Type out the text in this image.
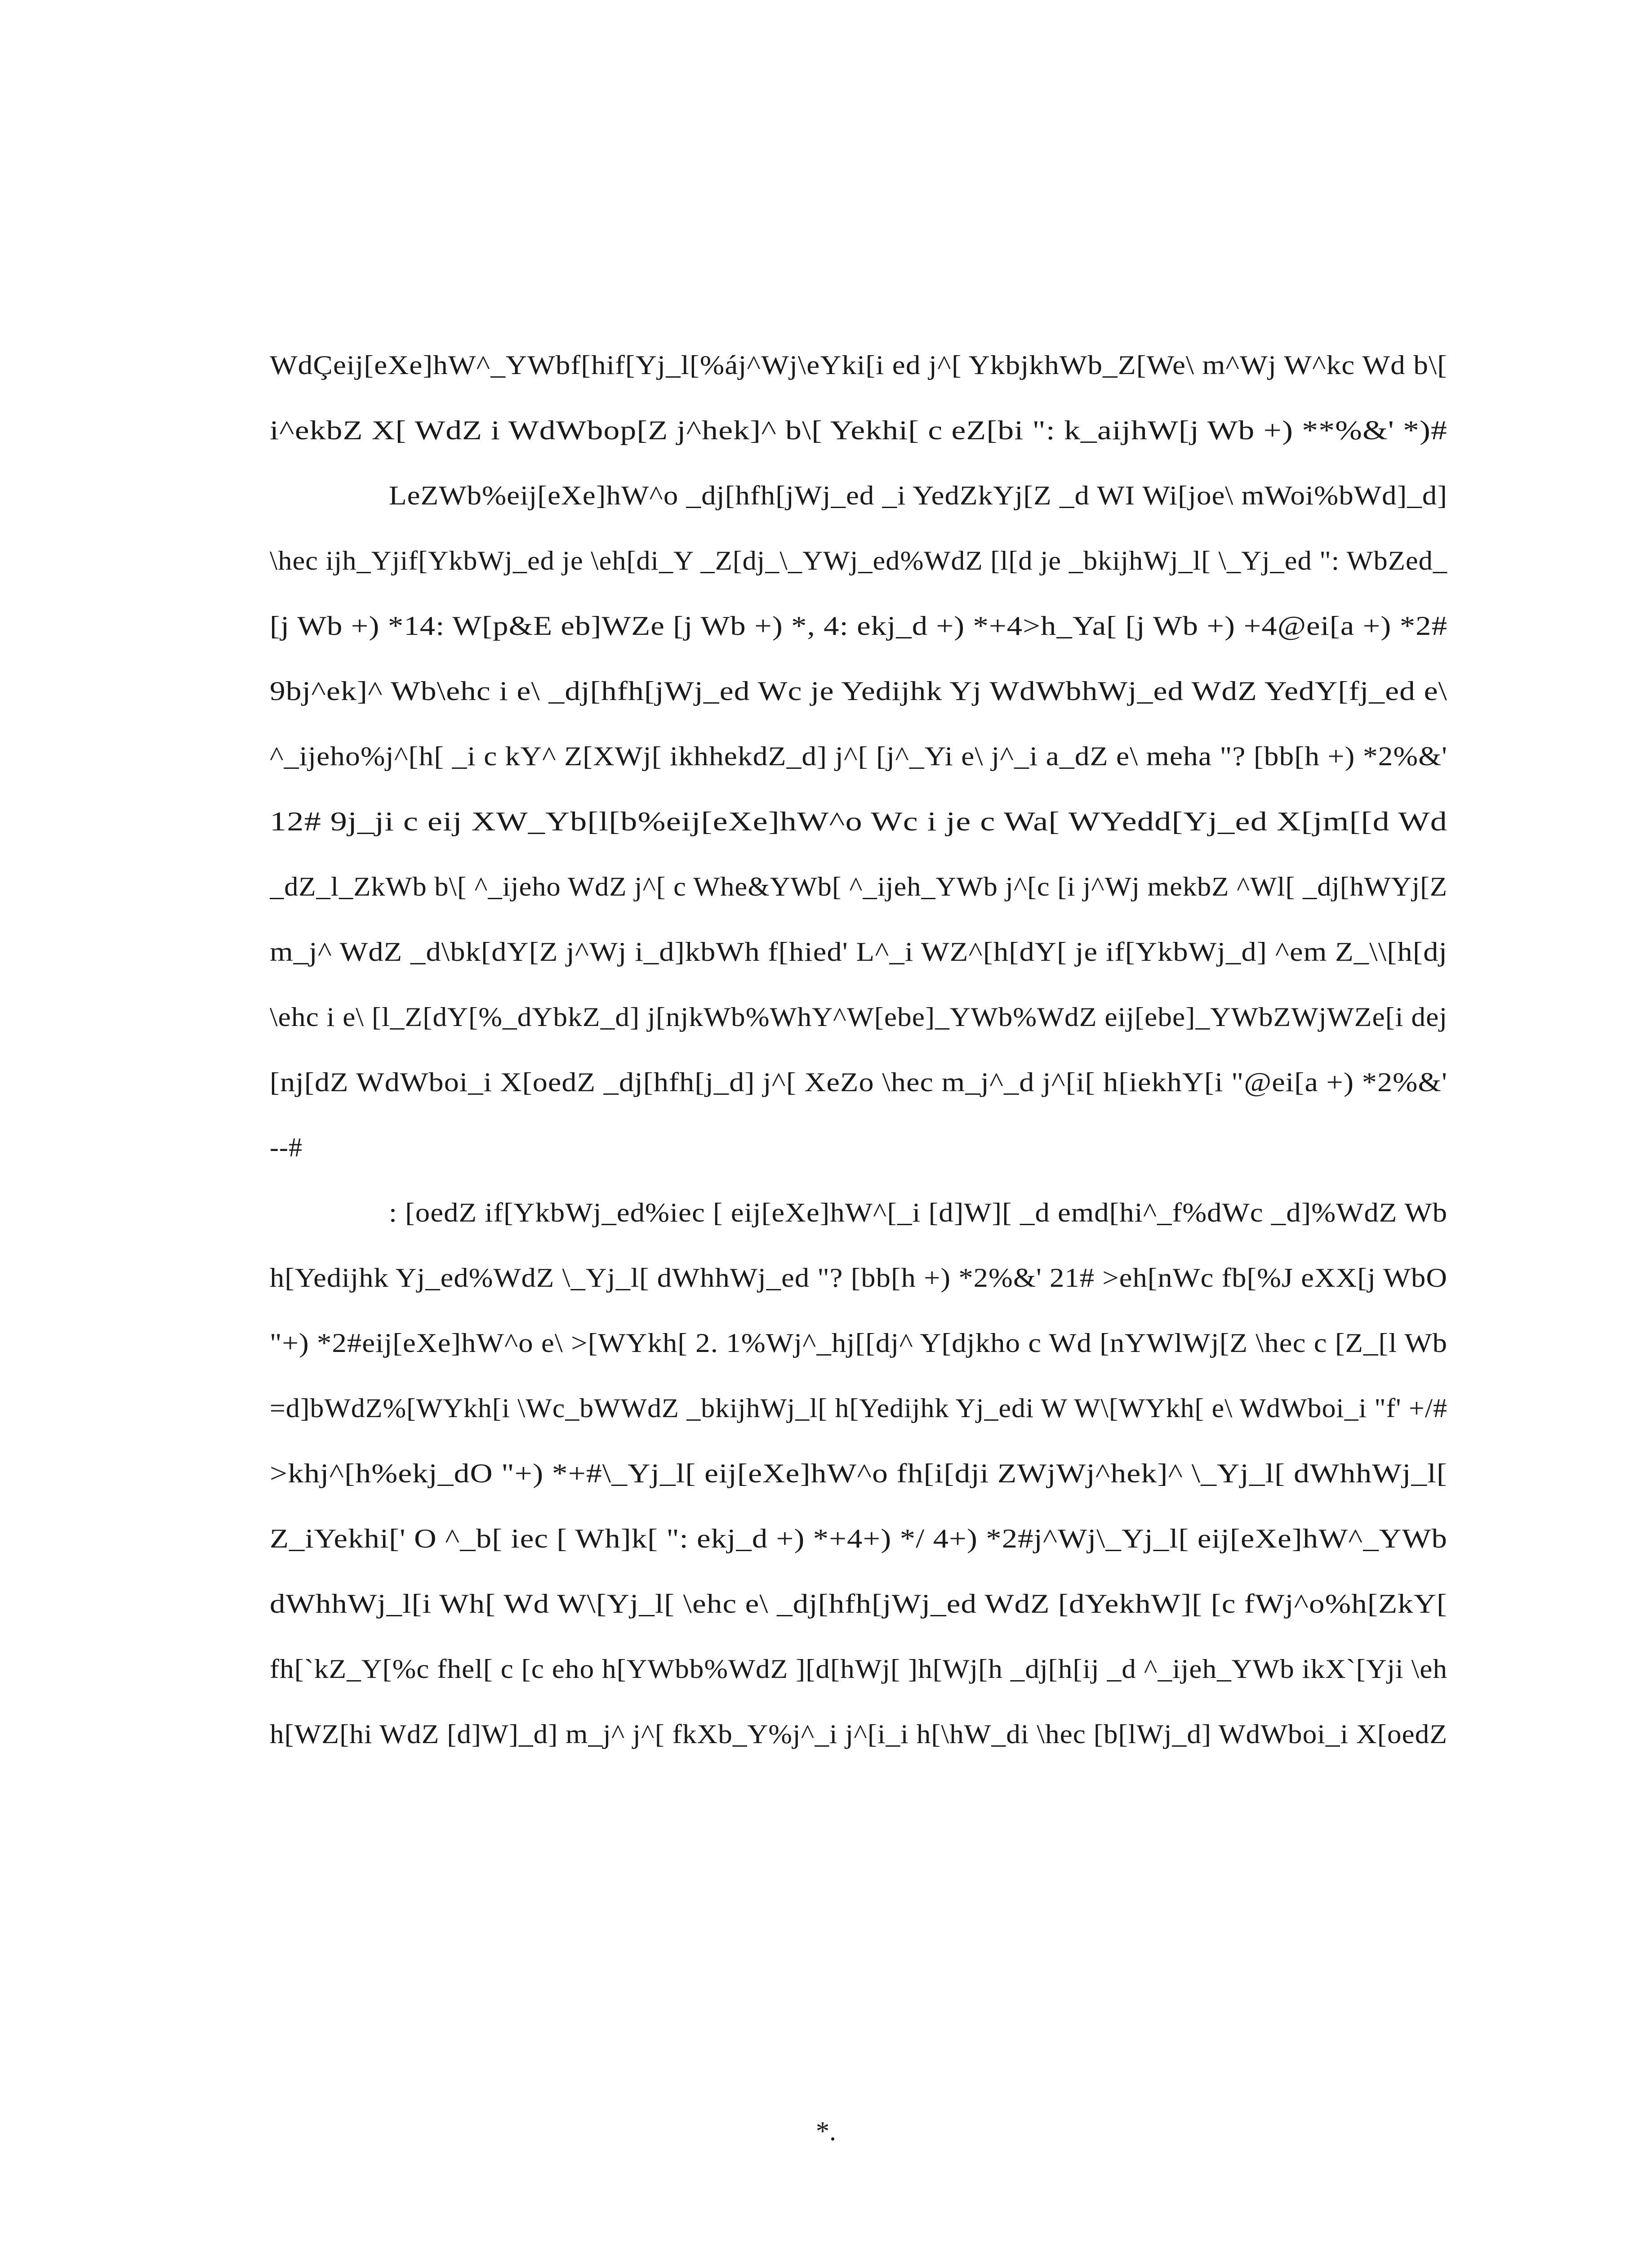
WdÇeij[eXe]hW^_YWbf[hif[Yj_l[%áj^Wj\eYki[i ed j^[ YkbjkhWb_Z[We\ m^Wj W^kc Wd b\[
i^ekbZ X[ WdZ i WdWbop[Z j^hek]^ b\[ Yekhi[ c eZ[bi ": k_aijhW[j Wb +) **%&' *)#
LeZWb%eij[eXe]hW^o _dj[hfh[jWj_ed _i YedZkYj[Z _d WI Wi[joe\ mWoi%bWd]_d]
\hec ijh_Yjif[YkbWj_ed je \eh[di_Y _Z[dj_\_YWj_ed%WdZ [l[d je _bkijhWj_l[ \_Yj_ed ": WbZed_
[j Wb +) *14: W[p&E eb]WZe [j Wb +) *, 4: ekj_d +) *+4>h_Ya[ [j Wb +) +4@ei[a +) *2#
9bj^ek]^ Wb\ehc i e\ _dj[hfh[jWj_ed Wc je Yedijhk Yj WdWbhWj_ed WdZ YedY[fj_ed e\
^_ijeho%j^[h[ _i c kY^ Z[XWj[ ikhhekdZ_d] j^[ [j^_Yi e\ j^_i a_dZ e\ meha "? [bb[h +) *2%&'
12# 9j_ji c eij XW_Yb[l[b%eij[eXe]hW^o Wc i je c Wa[ WYedd[Yj_ed X[jm[[d Wd
_dZ_l_ZkWb b\[ ^_ijeho WdZ j^[ c Whe&YWb[ ^_ijeh_YWb j^[c [i j^Wj mekbZ ^Wl[ _dj[hWYj[Z
m_j^ WdZ _d\bk[dY[Z j^Wj i_d]kbWh f[hied' L^_i WZ^[h[dY[ je if[YkbWj_d] ^em Z_\\[h[dj
\ehc i e\ [l_Z[dY[%_dYbkZ_d] j[njkWb%WhY^W[ebe]_YWb%WdZ eij[ebe]_YWbZWjWZe[i dej
[nj[dZ WdWboi_i X[oedZ _dj[hfh[j_d] j^[ XeZo \hec m_j^_d j^[i[ h[iekhY[i "@ei[a +) *2%&'
--#
: [oedZ if[YkbWj_ed%iec [ eij[eXe]hW^[_i [d]W][ _d emd[hi^_f%dWc _d]%WdZ Wb
h[Yedijhk Yj_ed%WdZ \_Yj_l[ dWhhWj_ed "? [bb[h +) *2%&' 21# >eh[nWc fb[%J eXX[j WbO
"+) *2#eij[eXe]hW^o e\ >[WYkh[ 2. 1%Wj^_hj[[dj^ Y[djkho c Wd [nYWlWj[Z \hec c [Z_[l Wb
=d]bWdZ%[WYkh[i \Wc_bWWdZ _bkijhWj_l[ h[Yedijhk Yj_edi W W\[WYkh[ e\ WdWboi_i "f' +/#
>khj^[h%ekj_dO "+) *+#\_Yj_l[ eij[eXe]hW^o fh[i[dji ZWjWj^hek]^ \_Yj_l[ dWhhWj_l[
Z_iYekhi[' O ^_b[ iec [ Wh]k[ ": ekj_d +) *+4+) */ 4+) *2#j^Wj\_Yj_l[ eij[eXe]hW^_YWb
dWhhWj_l[i Wh[ Wd W\[Yj_l[ \ehc e\ _dj[hfh[jWj_ed WdZ [dYekhW][ [c fWj^o%h[ZkY[
fh[`kZ_Y[%c fhel[ c [c eho h[YWbb%WdZ ][d[hWj[ ]h[Wj[h _dj[h[ij _d ^_ijeh_YWb ikX`[Yji \eh
h[WZ[hi WdZ [d]W]_d] m_j^ j^[ fkXb_Y%j^_i j^[i_i h[\hW_di \hec [b[lWj_d] WdWboi_i X[oedZ
*.
